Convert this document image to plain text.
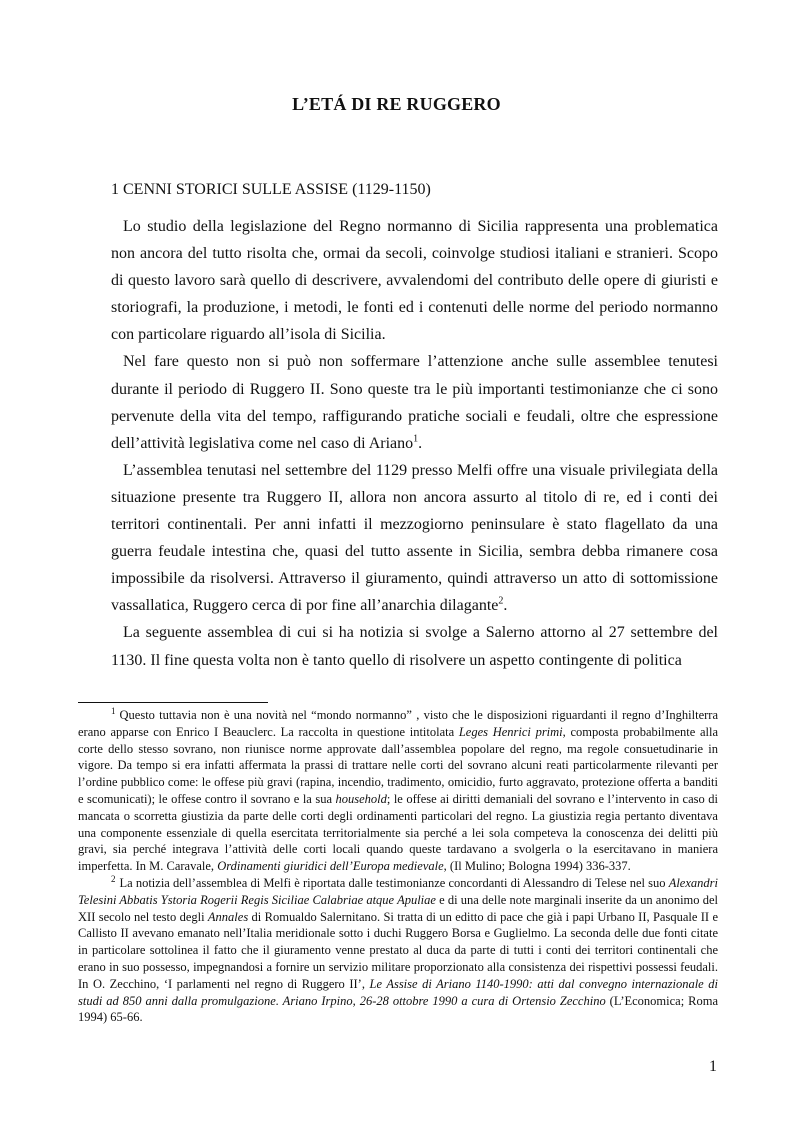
L’ETÁ DI RE RUGGERO
1 CENNI STORICI SULLE ASSISE (1129-1150)

Lo studio della legislazione del Regno normanno di Sicilia rappresenta una problematica non ancora del tutto risolta che, ormai da secoli, coinvolge studiosi italiani e stranieri. Scopo di questo lavoro sarà quello di descrivere, avvalendomi del contributo delle opere di giuristi e storiografi, la produzione, i metodi, le fonti ed i contenuti delle norme del periodo normanno con particolare riguardo all’isola di Sicilia.

Nel fare questo non si può non soffermare l’attenzione anche sulle assemblee tenutesi durante il periodo di Ruggero II. Sono queste tra le più importanti testimonianze che ci sono pervenute della vita del tempo, raffigurando pratiche sociali e feudali, oltre che espressione dell’attività legislativa come nel caso di Ariano$^1$.

L’assemblea tenutasi nel settembre del 1129 presso Melfi offre una visuale privilegiata della situazione presente tra Ruggero II, allora non ancora assurto al titolo di re, ed i conti dei territori continentali. Per anni infatti il mezzogiorno peninsulare è stato flagellato da una guerra feudale intestina che, quasi del tutto assente in Sicilia, sembra debba rimanere cosa impossibile da risolversi. Attraverso il giuramento, quindi attraverso un atto di sottomissione vassallatica, Ruggero cerca di por fine all’anarchia dilagante$^2$.

La seguente assemblea di cui si ha notizia si svolge a Salerno attorno al 27 settembre del 1130. Il fine questa volta non è tanto quello di risolvere un aspetto contingente di politica

$^1$ Questo tuttavia non è una novità nel “mondo normanno” , visto che le disposizioni riguardanti il regno d’Inghilterra erano apparse con Enrico I Beauclerc. La raccolta in questione intitolata Leges Henrici primi, composta probabilmente alla corte dello stesso sovrano, non riunisce norme approvate dall’assemblea popolare del regno, ma regole consuetudinarie in vigore. Da tempo si era infatti affermata la prassi di trattare nelle corti del sovrano alcuni reati particolarmente rilevanti per l’ordine pubblico come: le offese più gravi (rapina, incendio, tradimento, omicidio, furto aggravato, protezione offerta a banditi e scomunicati); le offese contro il sovrano e la sua household; le offese ai diritti demaniali del sovrano e l’intervento in caso di mancata o scorretta giustizia da parte delle corti degli ordinamenti particolari del regno. La giustizia regia pertanto diventava una componente essenziale di quella esercitata territorialmente sia perché a lei sola competeva la conoscenza dei delitti più gravi, sia perché integrava l’attività delle corti locali quando queste tardavano a svolgerla o la esercitavano in maniera imperfetta. In M. Caravale, Ordinamenti giuridici dell’Europa medievale, (Il Mulino; Bologna 1994) 336-337.

$^2$ La notizia dell’assemblea di Melfi è riportata dalle testimonianze concordanti di Alessandro di Telese nel suo Alexandri Telesini Abbatis Ystoria Rogerii Regis Siciliae Calabriae atque Apuliae e di una delle note marginali inserite da un anonimo del XII secolo nel testo degli Annales di Romualdo Salernitano. Si tratta di un editto di pace che già i papi Urbano II, Pasquale II e Callisto II avevano emanato nell’Italia meridionale sotto i duchi Ruggero Borsa e Guglielmo. La seconda delle due fonti citate in particolare sottolinea il fatto che il giuramento venne prestato al duca da parte di tutti i conti dei territori continentali che erano in suo possesso, impegnandosi a fornire un servizio militare proporzionato alla consistenza dei rispettivi possessi feudali. In O. Zecchino, ‘I parlamenti nel regno di Ruggero II’, Le Assise di Ariano 1140-1990: atti dal convegno internazionale di studi ad 850 anni dalla promulgazione. Ariano Irpino, 26-28 ottobre 1990 a cura di Ortensio Zecchino (L’Economica; Roma 1994) 65-66.

1
